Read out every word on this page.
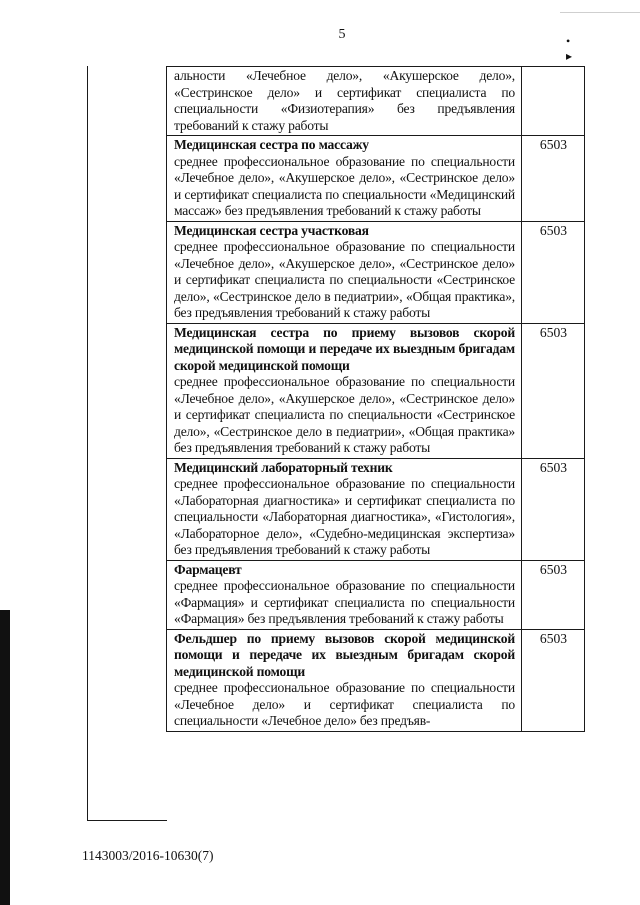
5	• ▸
альности «Лечебное дело», «Акушерское дело», «Сестринское дело» и сертификат специалиста по специальности «Физиотерапия» без предъявления требований к стажу работы	

Медицинская сестра по массажу
среднее профессиональное образование по специальности «Лечебное дело», «Акушерское дело», «Сестринское дело» и сертификат специалиста по специальности «Медицинский массаж» без предъявления требований к стажу работы	6503

Медицинская сестра участковая
среднее профессиональное образование по специальности «Лечебное дело», «Акушерское дело», «Сестринское дело» и сертификат специалиста по специальности «Сестринское дело», «Сестринское дело в педиатрии», «Общая практика», без предъявления требований к стажу работы	6503

Медицинская сестра по приему вызовов скорой медицинской помощи и передаче их выездным бригадам скорой медицинской помощи
среднее профессиональное образование по специальности «Лечебное дело», «Акушерское дело», «Сестринское дело» и сертификат специалиста по специальности «Сестринское дело», «Сестринское дело в педиатрии», «Общая практика» без предъявления требований к стажу работы	6503

Медицинский лабораторный техник
среднее профессиональное образование по специальности «Лабораторная диагностика» и сертификат специалиста по специальности «Лабораторная диагностика», «Гистология», «Лабораторное дело», «Судебно-медицинская экспертиза» без предъявления требований к стажу работы	6503

Фармацевт
среднее профессиональное образование по специальности «Фармация» и сертификат специалиста по специальности «Фармация» без предъявления требований к стажу работы	6503

Фельдшер по приему вызовов скорой медицинской помощи и передаче их выездным бригадам скорой медицинской помощи
среднее профессиональное образование по специальности «Лечебное дело» и сертификат специалиста по специальности «Лечебное дело» без предъяв-	6503
1143003/2016-10630(7)
